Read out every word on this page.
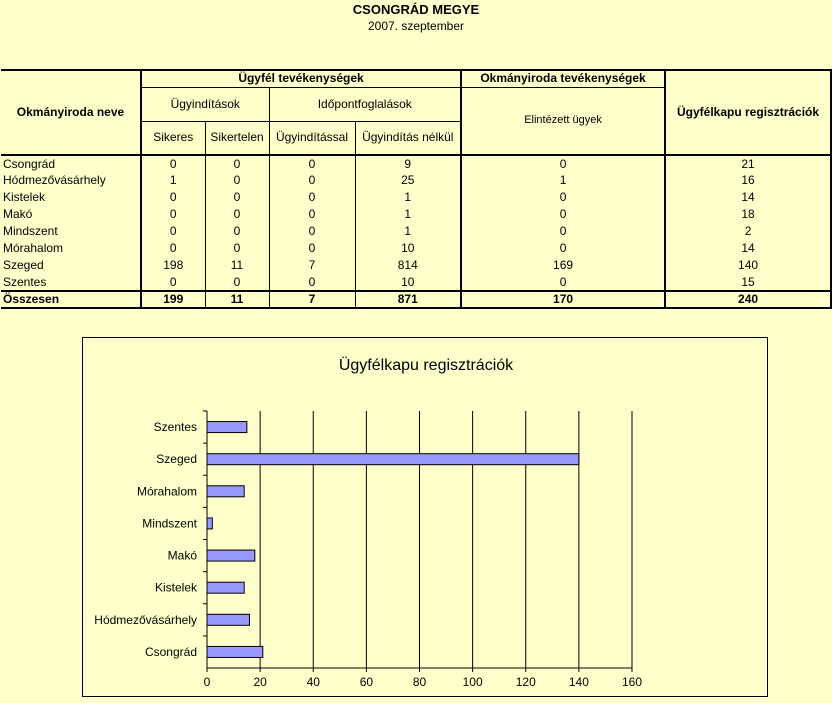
CSONGRÁD MEGYE
2007. szeptember
Okmányiroda neve	Ügyfél tevékenységek				Okmányiroda tevékenységek	Ügyfélkapu regisztrációk
	Ügyindítások		Időpontfoglalások		Elintézett ügyek	
	Sikeres	Sikertelen	Ügyindítással	Ügyindítás nélkül		
Csongrád	0	0	0	9	0	21
Hódmezővásárhely	1	0	0	25	1	16
Kistelek	0	0	0	1	0	14
Makó	0	0	0	1	0	18
Mindszent	0	0	0	1	0	2
Mórahalom	0	0	0	10	0	14
Szeged	198	11	7	814	169	140
Szentes	0	0	0	10	0	15
Összesen	199	11	7	871	170	240
Ügyfélkapu regisztrációk
0	20	40	60	80	100	120	140	160
Szentes
Szeged
Mórahalom
Mindszent
Makó
Kistelek
Hódmezővásárhely
Csongrád
